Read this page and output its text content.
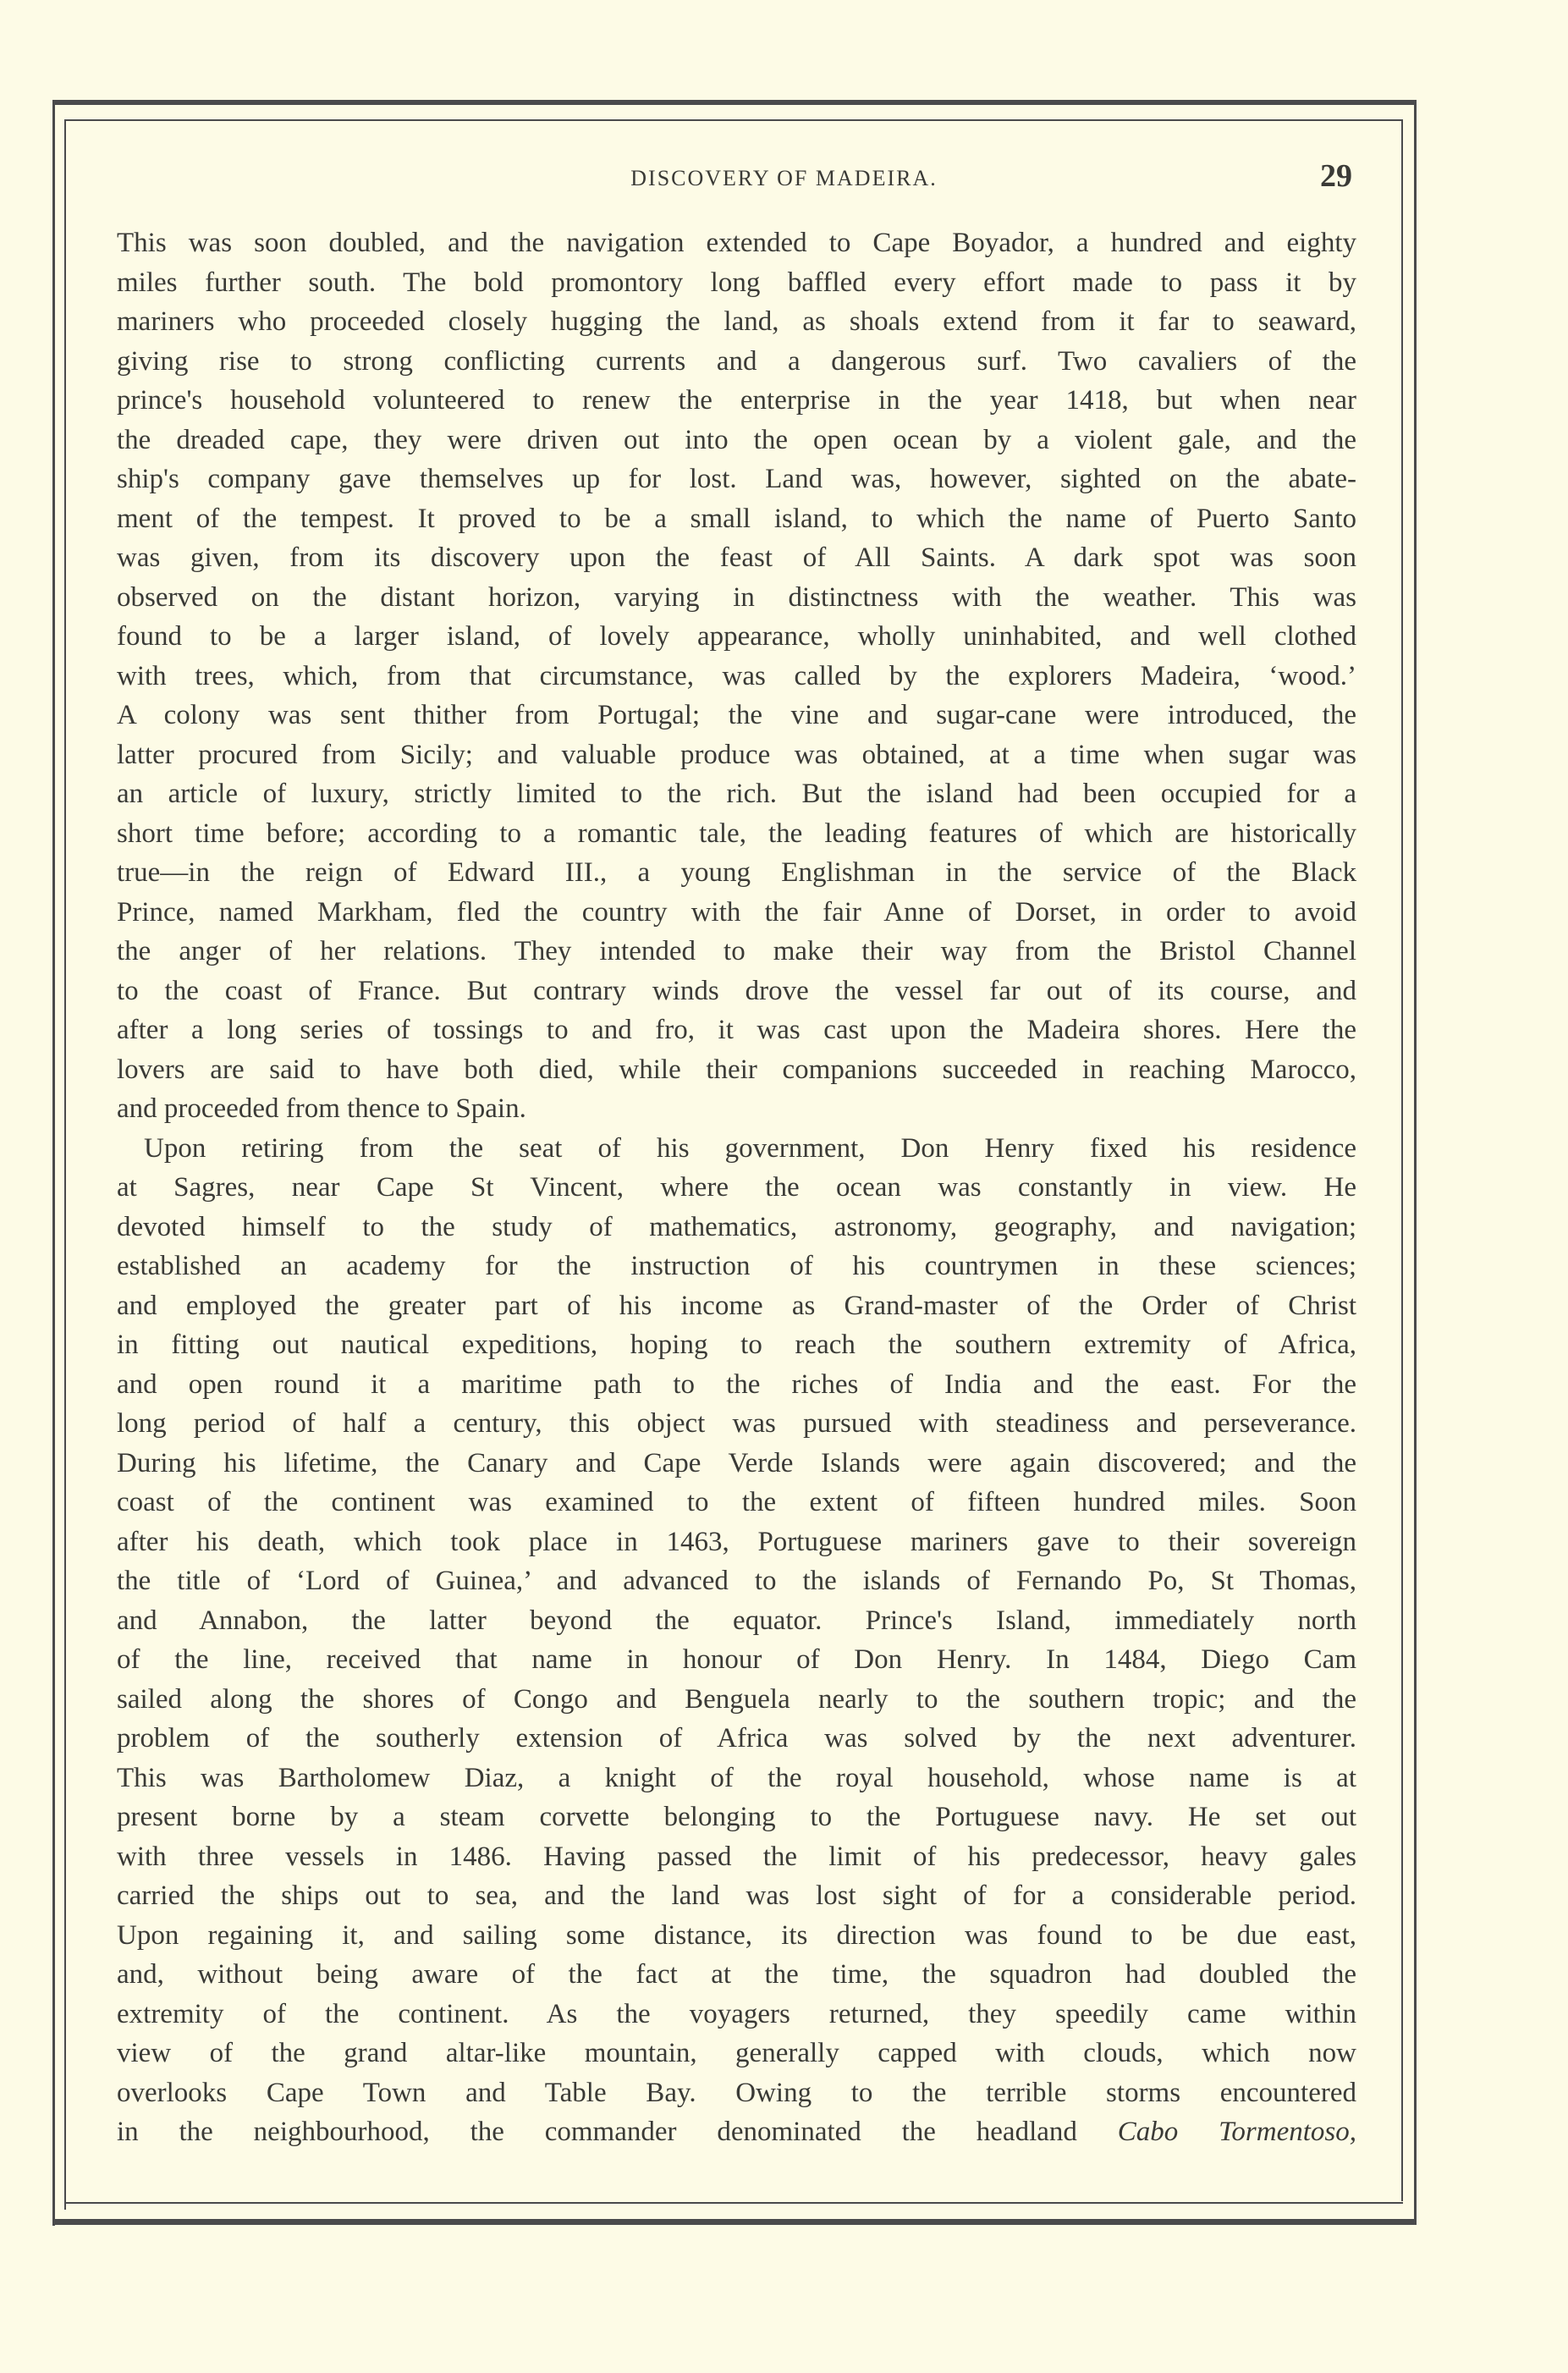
DISCOVERY OF MADEIRA.	29
This was soon doubled, and the navigation extended to Cape Boyador, a hundred and eighty
miles further south. The bold promontory long baffled every effort made to pass it by
mariners who proceeded closely hugging the land, as shoals extend from it far to seaward,
giving rise to strong conflicting currents and a dangerous surf. Two cavaliers of the
prince's household volunteered to renew the enterprise in the year 1418, but when near
the dreaded cape, they were driven out into the open ocean by a violent gale, and the
ship's company gave themselves up for lost. Land was, however, sighted on the abate-
ment of the tempest. It proved to be a small island, to which the name of Puerto Santo
was given, from its discovery upon the feast of All Saints. A dark spot was soon
observed on the distant horizon, varying in distinctness with the weather. This was
found to be a larger island, of lovely appearance, wholly uninhabited, and well clothed
with trees, which, from that circumstance, was called by the explorers Madeira, ‘wood.’
A colony was sent thither from Portugal; the vine and sugar-cane were introduced, the
latter procured from Sicily; and valuable produce was obtained, at a time when sugar was
an article of luxury, strictly limited to the rich. But the island had been occupied for a
short time before; according to a romantic tale, the leading features of which are historically
true—in the reign of Edward III., a young Englishman in the service of the Black
Prince, named Markham, fled the country with the fair Anne of Dorset, in order to avoid
the anger of her relations. They intended to make their way from the Bristol Channel
to the coast of France. But contrary winds drove the vessel far out of its course, and
after a long series of tossings to and fro, it was cast upon the Madeira shores. Here the
lovers are said to have both died, while their companions succeeded in reaching Marocco,
and proceeded from thence to Spain.
Upon retiring from the seat of his government, Don Henry fixed his residence
at Sagres, near Cape St Vincent, where the ocean was constantly in view. He
devoted himself to the study of mathematics, astronomy, geography, and navigation;
established an academy for the instruction of his countrymen in these sciences;
and employed the greater part of his income as Grand-master of the Order of Christ
in fitting out nautical expeditions, hoping to reach the southern extremity of Africa,
and open round it a maritime path to the riches of India and the east. For the
long period of half a century, this object was pursued with steadiness and perseverance.
During his lifetime, the Canary and Cape Verde Islands were again discovered; and the
coast of the continent was examined to the extent of fifteen hundred miles. Soon
after his death, which took place in 1463, Portuguese mariners gave to their sovereign
the title of ‘Lord of Guinea,’ and advanced to the islands of Fernando Po, St Thomas,
and Annabon, the latter beyond the equator. Prince's Island, immediately north
of the line, received that name in honour of Don Henry. In 1484, Diego Cam
sailed along the shores of Congo and Benguela nearly to the southern tropic; and the
problem of the southerly extension of Africa was solved by the next adventurer.
This was Bartholomew Diaz, a knight of the royal household, whose name is at
present borne by a steam corvette belonging to the Portuguese navy. He set out
with three vessels in 1486. Having passed the limit of his predecessor, heavy gales
carried the ships out to sea, and the land was lost sight of for a considerable period.
Upon regaining it, and sailing some distance, its direction was found to be due east,
and, without being aware of the fact at the time, the squadron had doubled the
extremity of the continent. As the voyagers returned, they speedily came within
view of the grand altar-like mountain, generally capped with clouds, which now
overlooks Cape Town and Table Bay. Owing to the terrible storms encountered
in the neighbourhood, the commander denominated the headland Cabo Tormentoso,
